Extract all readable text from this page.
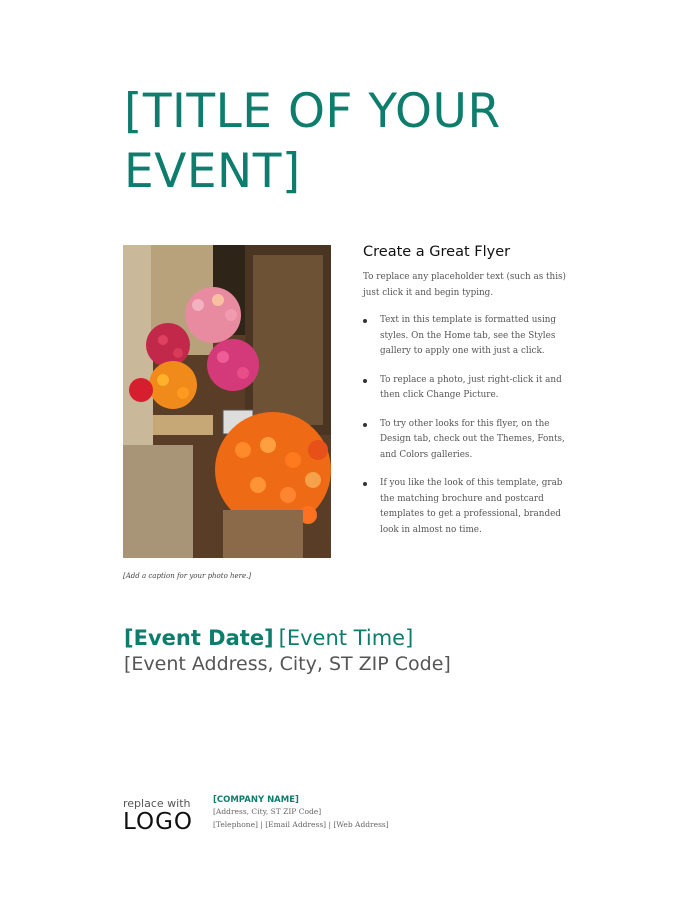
[TITLE OF YOUR
EVENT]
[Add a caption for your photo here.]
Create a Great Flyer

To replace any placeholder text (such as this) just click it and begin typing.

Text in this template is formatted using styles. On the Home tab, see the Styles gallery to apply one with just a click.
To replace a photo, just right-click it and then click Change Picture.
To try other looks for this flyer, on the Design tab, check out the Themes, Fonts, and Colors galleries.
If you like the look of this template, grab the matching brochure and postcard templates to get a professional, branded look in almost no time.
[Event Date] [Event Time]
[Event Address, City, ST ZIP Code]
replace with
LOGO
[COMPANY NAME]
[Address, City, ST ZIP Code]
[Telephone] | [Email Address] | [Web Address]
